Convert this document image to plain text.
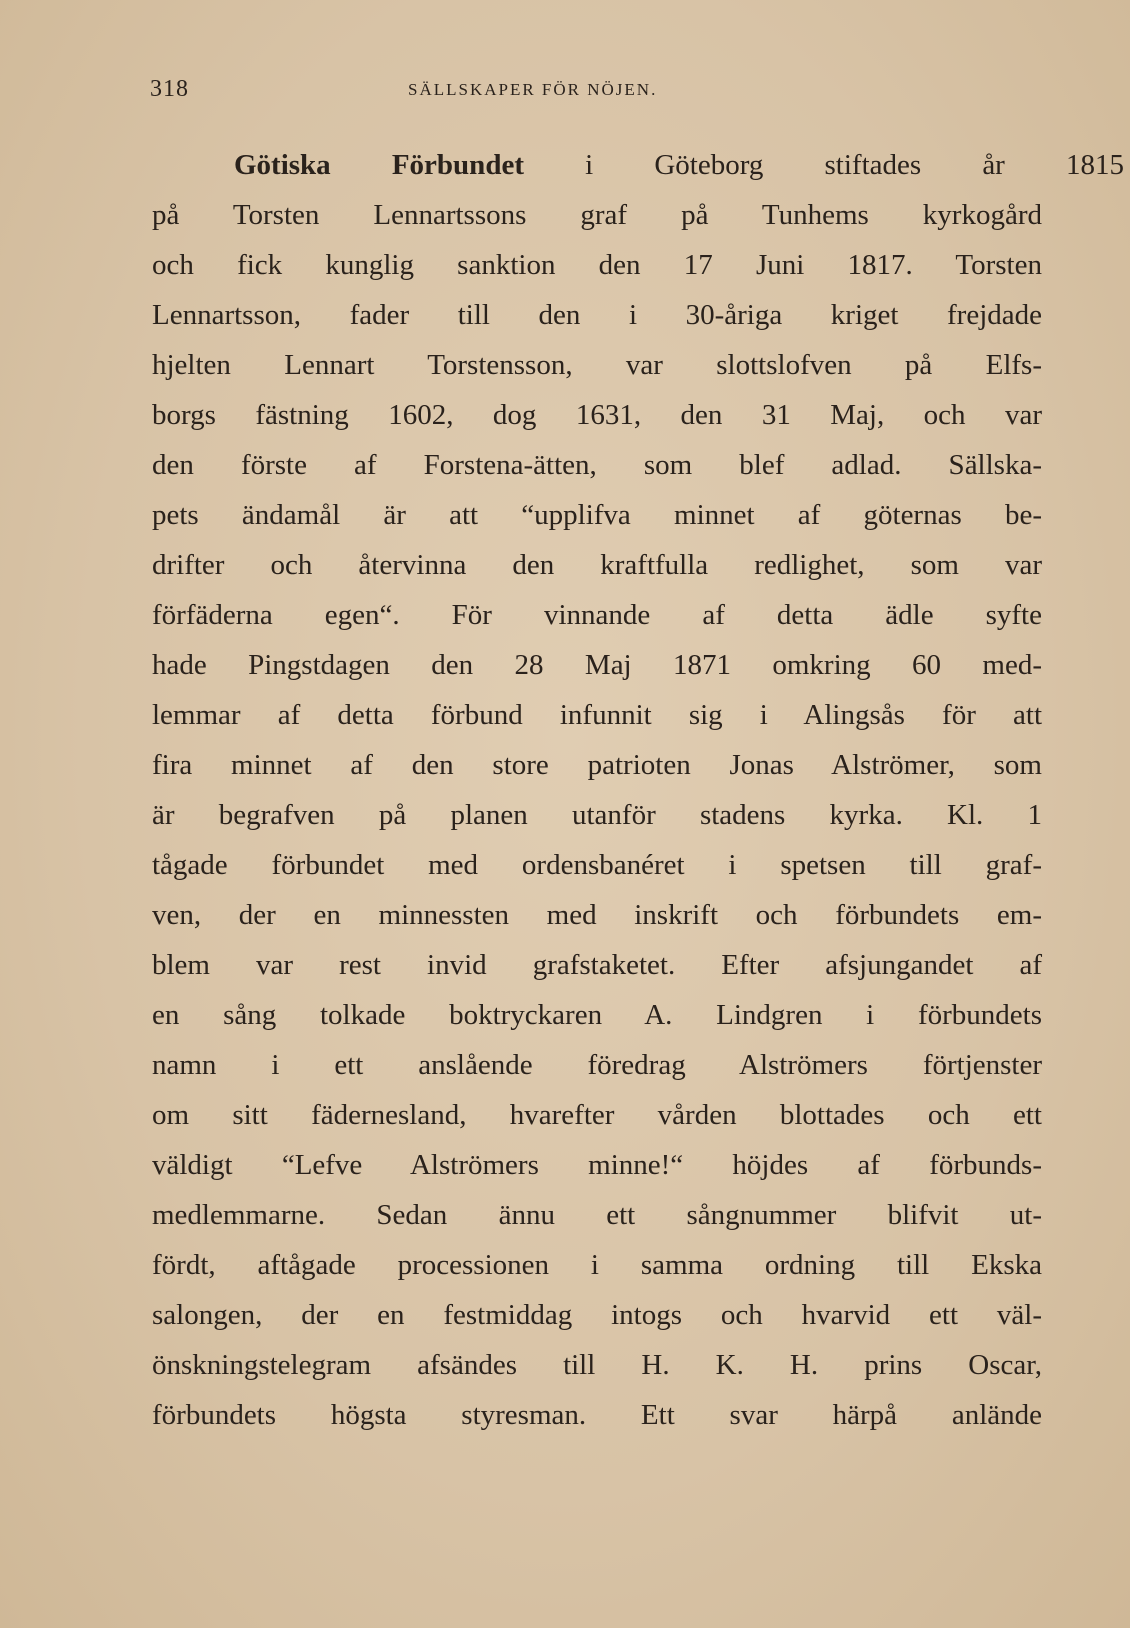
318	SÄLLSKAPER FÖR NÖJEN.
Götiska Förbundet i Göteborg stiftades år 1815
på Torsten Lennartssons graf på Tunhems kyrkogård
och fick kunglig sanktion den 17 Juni 1817. Torsten
Lennartsson, fader till den i 30-åriga kriget frejdade
hjelten Lennart Torstensson, var slottslofven på Elfs-
borgs fästning 1602, dog 1631, den 31 Maj, och var
den förste af Forstena-ätten, som blef adlad. Sällska-
pets ändamål är att “upplifva minnet af göternas be-
drifter och återvinna den kraftfulla redlighet, som var
förfäderna egen“. För vinnande af detta ädle syfte
hade Pingstdagen den 28 Maj 1871 omkring 60 med-
lemmar af detta förbund infunnit sig i Alingsås för att
fira minnet af den store patrioten Jonas Alströmer, som
är begrafven på planen utanför stadens kyrka. Kl. 1
tågade förbundet med ordensbanéret i spetsen till graf-
ven, der en minnessten med inskrift och förbundets em-
blem var rest invid grafstaketet. Efter afsjungandet af
en sång tolkade boktryckaren A. Lindgren i förbundets
namn i ett anslående föredrag Alströmers förtjenster
om sitt fädernesland, hvarefter vården blottades och ett
väldigt “Lefve Alströmers minne!“ höjdes af förbunds-
medlemmarne. Sedan ännu ett sångnummer blifvit ut-
fördt, aftågade processionen i samma ordning till Ekska
salongen, der en festmiddag intogs och hvarvid ett väl-
önskningstelegram afsändes till H. K. H. prins Oscar,
förbundets högsta styresman. Ett svar härpå anlände
